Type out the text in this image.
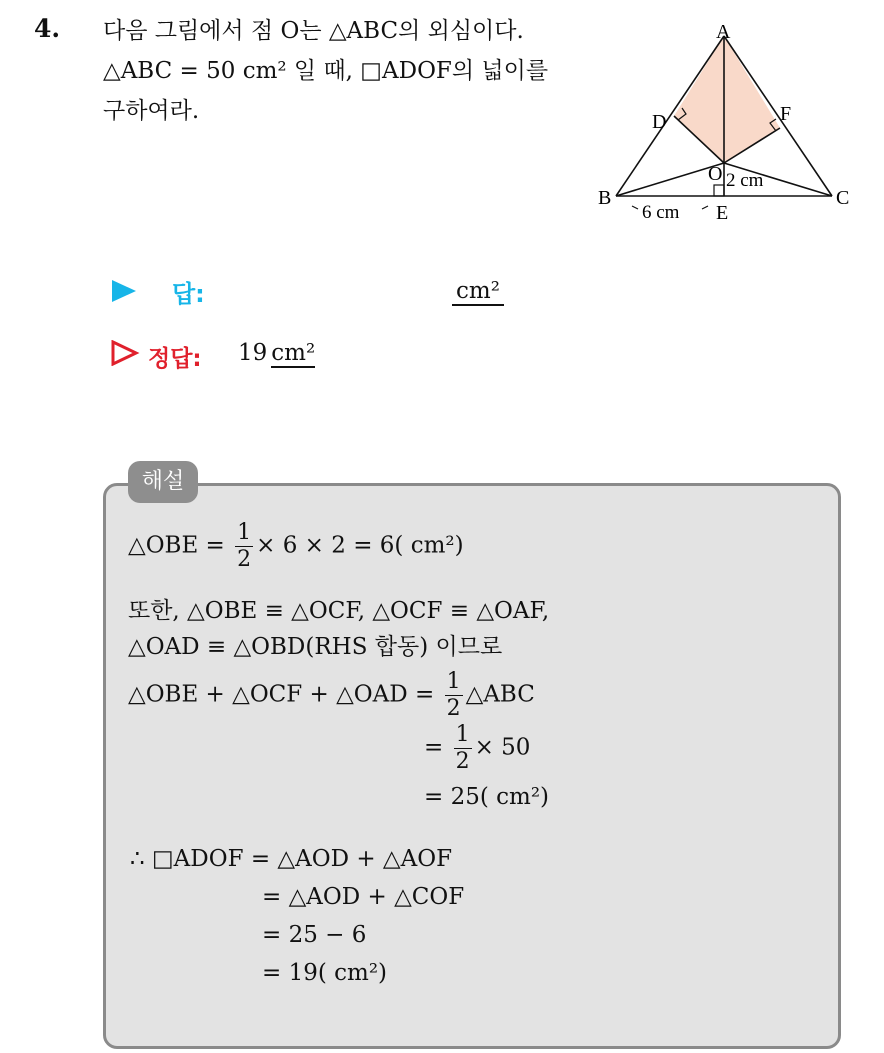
4. 다음 그림에서 점 O는 △ABC의 외심이다.
△ABC = 50 cm² 일 때, □ADOF의 넓이를
구하여라.
A
D	F
O 2 cm
B	C
E
6 cm
답:	cm²
정답: 19 cm²
해설
△OBE = $\frac{1}{2} \times 6 \times 2 = 6$( cm²)
또한, △OBE ≡ △OCF, △OCF ≡ △OAF,
△OAD ≡ △OBD(RHS 합동) 이므로
△OBE + △OCF + △OAD = $\frac{1}{2}$ △ABC
= $\frac{1}{2} \times 50$
= 25( cm²)
∴ □ADOF = △AOD + △AOF
= △AOD + △COF
= 25 − 6
= 19( cm²)
